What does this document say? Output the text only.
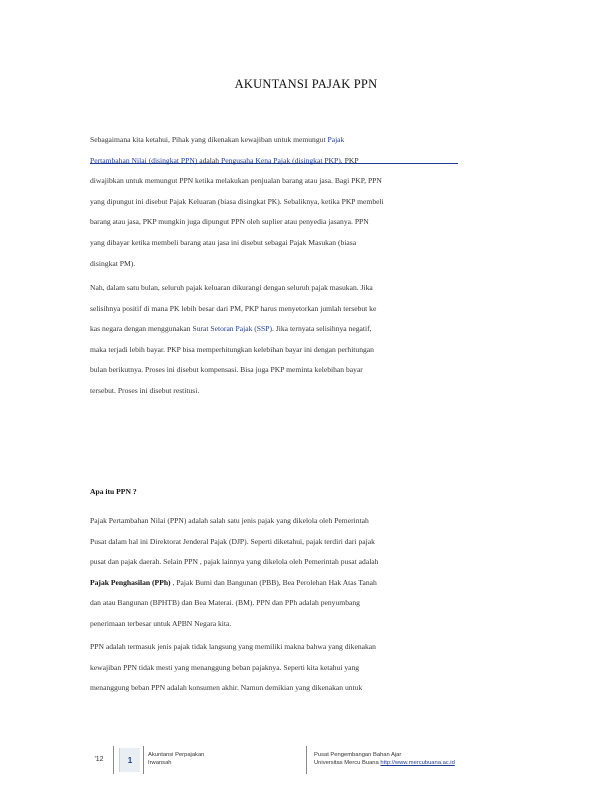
AKUNTANSI PAJAK PPN

Sebagaimana kita ketahui, Pihak yang dikenakan kewajiban untuk memungut Pajak

Pertambahan Nilai (disingkat PPN) adalah Pengusaha Kena Pajak (disingkat PKP). PKP

diwajibkan untuk memungut PPN ketika melakukan penjualan barang atau jasa. Bagi PKP, PPN

yang dipungut ini disebut Pajak Keluaran (biasa disingkat PK). Sebaliknya, ketika PKP membeli

barang atau jasa, PKP mungkin juga dipungut PPN oleh suplier atau penyedia jasanya. PPN

yang dibayar ketika membeli barang atau jasa ini disebut sebagai Pajak Masukan (biasa

disingkat PM).

Nah, dalam satu bulan, seluruh pajak keluaran dikurangi dengan seluruh pajak masukan. Jika

selisihnya positif di mana PK lebih besar dari PM, PKP harus menyetorkan jumlah tersebut ke

kas negara dengan menggunakan Surat Setoran Pajak (SSP). Jika ternyata selisihnya negatif,

maka terjadi lebih bayar. PKP bisa memperhitungkan kelebihan bayar ini dengan perhitungan

bulan berikutnya. Proses ini disebut kompensasi. Bisa juga PKP meminta kelebihan bayar

tersebut. Proses ini disebut restitusi.

Apa itu PPN ?

Pajak Pertambahan Nilai (PPN) adalah salah satu jenis pajak yang dikelola oleh Pemerintah

Pusat dalam hal ini Direktorat Jenderal Pajak (DJP). Seperti diketahui, pajak terdiri dari pajak

pusat dan pajak daerah. Selain PPN , pajak lainnya yang dikelola oleh Pemerintah pusat adalah

Pajak Penghasilan (PPh) , Pajak Bumi dan Bangunan (PBB), Bea Perolehan Hak Atas Tanah

dan atau Bangunan (BPHTB) dan Bea Materai. (BM). PPN dan PPh adalah penyumbang

penerimaan terbesar untuk APBN Negara kita.

PPN adalah termasuk jenis pajak tidak langsung yang memiliki makna bahwa yang dikenakan

kewajiban PPN tidak mesti yang menanggung beban pajaknya. Seperti kita ketahui yang

menanggung beban PPN adalah konsumen akhir. Namun demikian yang dikenakan untuk

'12	1
Akuntansi Perpajakan
Irwansah
Pusat Pengembangan Bahan Ajar
Universitas Mercu Buana http://www.mercubuana.ac.id
